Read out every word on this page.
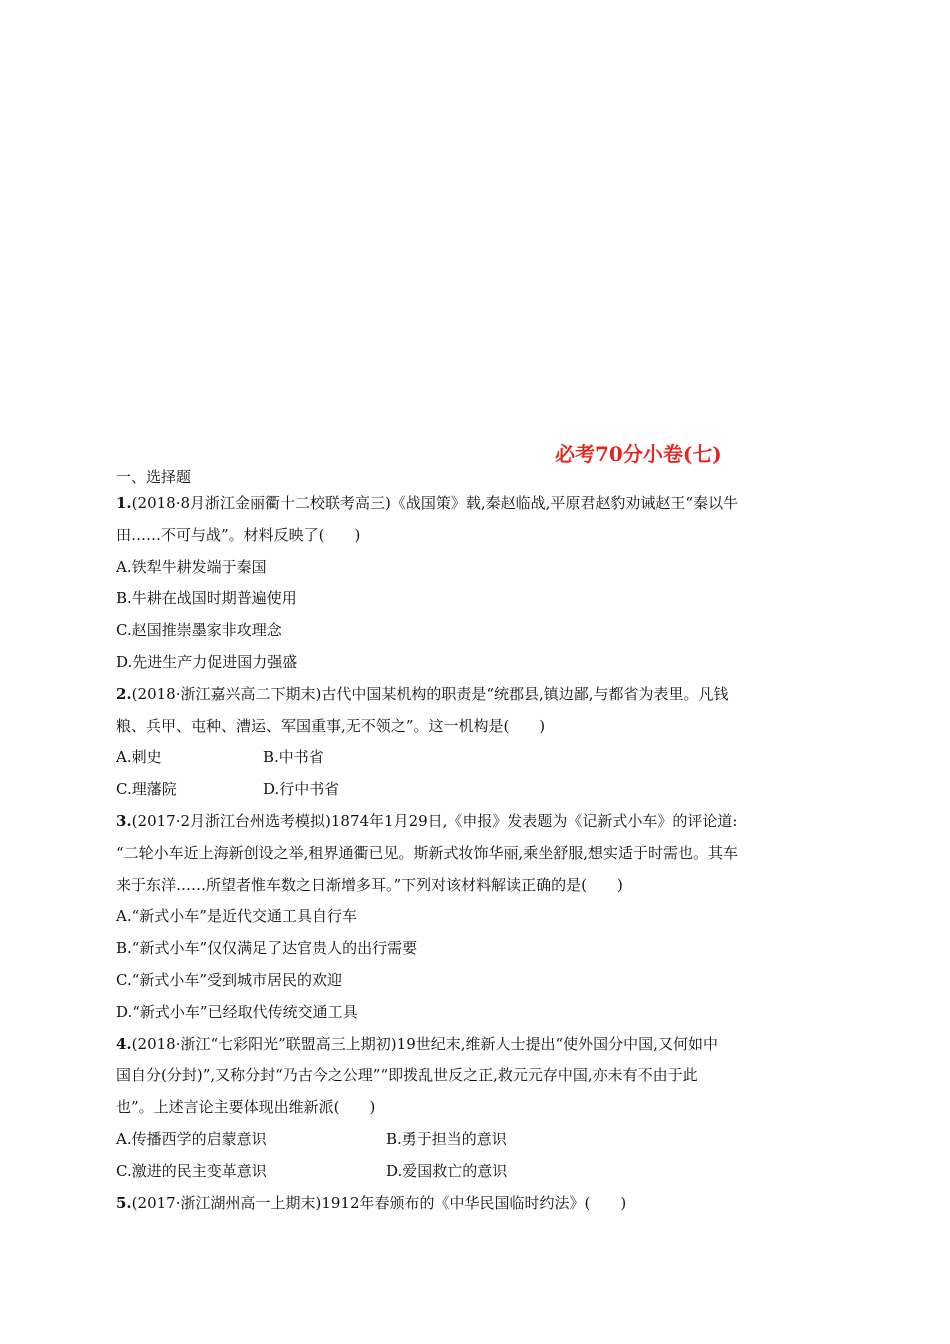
必考70分小卷(七)
一、选择题
1.(2018·8月浙江金丽衢十二校联考高三)《战国策》载,秦赵临战,平原君赵豹劝诫赵王“秦以牛
田……不可与战”。材料反映了(　　)
A.铁犁牛耕发端于秦国
B.牛耕在战国时期普遍使用
C.赵国推崇墨家非攻理念
D.先进生产力促进国力强盛
2.(2018·浙江嘉兴高二下期末)古代中国某机构的职责是“统郡县,镇边鄙,与都省为表里。凡钱
粮、兵甲、屯种、漕运、军国重事,无不领之”。这一机构是(　　)
A.刺史	B.中书省
C.理藩院	D.行中书省
3.(2017·2月浙江台州选考模拟)1874年1月29日,《申报》发表题为《记新式小车》的评论道:
“二轮小车近上海新创设之举,租界通衢已见。斯新式妆饰华丽,乘坐舒服,想实适于时需也。其车
来于东洋……所望者惟车数之日渐增多耳。”下列对该材料解读正确的是(　　)
A.“新式小车”是近代交通工具自行车
B.“新式小车”仅仅满足了达官贵人的出行需要
C.“新式小车”受到城市居民的欢迎
D.“新式小车”已经取代传统交通工具
4.(2018·浙江“七彩阳光”联盟高三上期初)19世纪末,维新人士提出“使外国分中国,又何如中
国自分(分封)”,又称分封“乃古今之公理”“即拨乱世反之正,救元元存中国,亦未有不由于此
也”。上述言论主要体现出维新派(　　)
A.传播西学的启蒙意识	B.勇于担当的意识
C.激进的民主变革意识	D.爱国救亡的意识
5.(2017·浙江湖州高一上期末)1912年春颁布的《中华民国临时约法》(　　)
